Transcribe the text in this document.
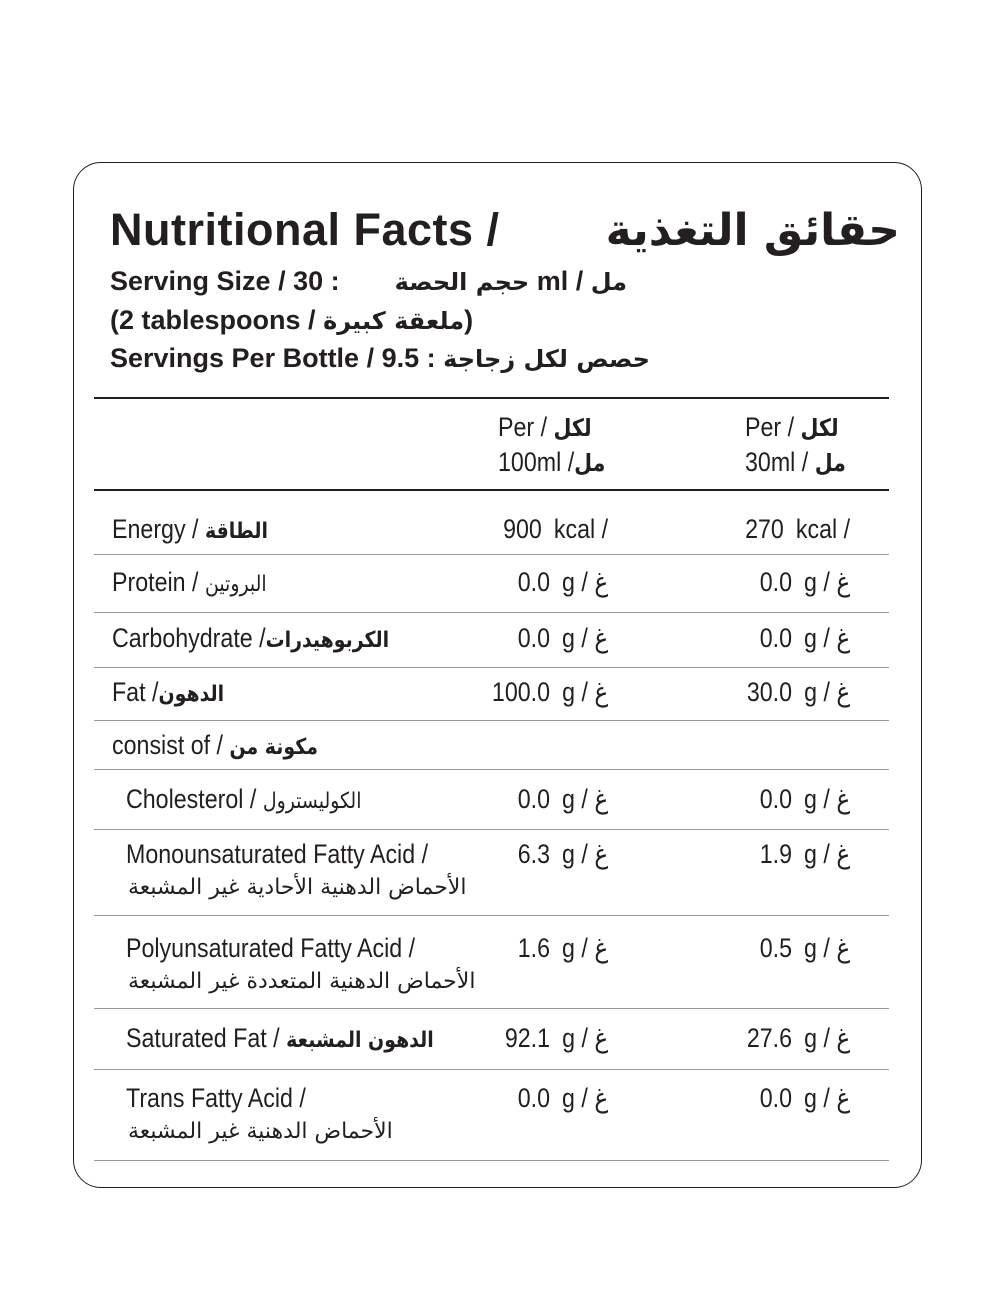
Nutritional Facts / حقائق التغذية
Serving Size /	حجم الحصة  : 30 ml / مل
(2 tablespoons / ملعقة كبيرة)
Servings Per Bottle /	حصص لكل زجاجة : 9.5
Per / لكل
100ml /مل
Per / لكل
30ml / مل
Energy / الطاقة	900 kcal /	270 kcal /
Protein / البروتين	0.0 g / غ	0.0 g / غ
Carbohydrate /الكربوهيدرات	0.0 g / غ	0.0 g / غ
Fat /الدهون	100.0 g / غ	30.0 g / غ
consist of / مكونة من
Cholesterol / الكوليسترول	0.0 g / غ	0.0 g / غ
Monounsaturated Fatty Acid /
الأحماض الدهنية الأحادية غير المشبعة
6.3 g / غ	1.9 g / غ
Polyunsaturated Fatty Acid /
الأحماض الدهنية المتعددة غير المشبعة
1.6 g / غ	0.5 g / غ
Saturated Fat / الدهون المشبعة	92.1 g / غ	27.6 g / غ
Trans Fatty Acid /
الأحماض الدهنية غير المشبعة
0.0 g / غ	0.0 g / غ
